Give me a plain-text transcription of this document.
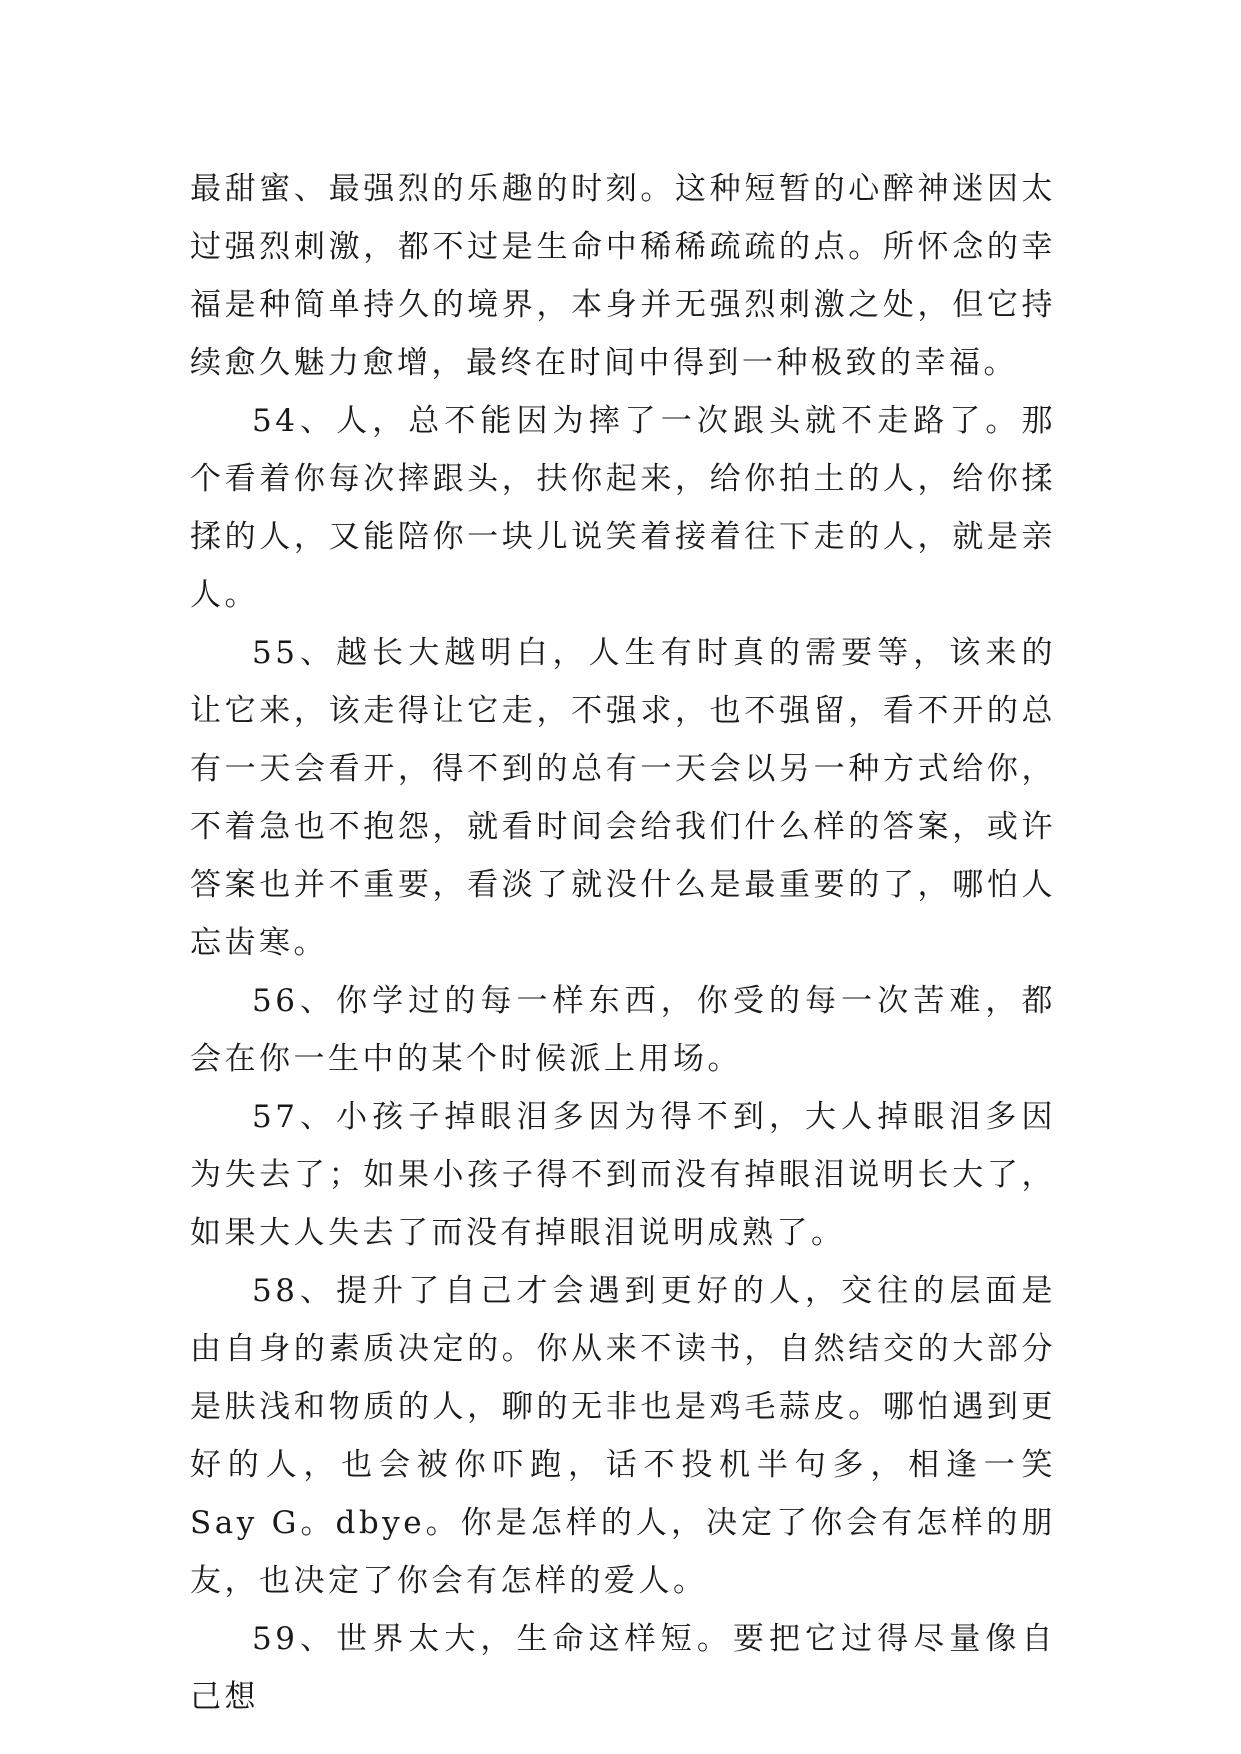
最甜蜜、最强烈的乐趣的时刻。这种短暂的心醉神迷因太过强烈刺激，都不过是生命中稀稀疏疏的点。所怀念的幸福是种简单持久的境界，本身并无强烈刺激之处，但它持续愈久魅力愈增，最终在时间中得到一种极致的幸福。

54、人，总不能因为摔了一次跟头就不走路了。那个看着你每次摔跟头，扶你起来，给你拍土的人，给你揉揉的人，又能陪你一块儿说笑着接着往下走的人，就是亲人。

55、越长大越明白，人生有时真的需要等，该来的让它来，该走得让它走，不强求，也不强留，看不开的总有一天会看开，得不到的总有一天会以另一种方式给你，不着急也不抱怨，就看时间会给我们什么样的答案，或许答案也并不重要，看淡了就没什么是最重要的了，哪怕人忘齿寒。

56、你学过的每一样东西，你受的每一次苦难，都会在你一生中的某个时候派上用场。

57、小孩子掉眼泪多因为得不到，大人掉眼泪多因为失去了；如果小孩子得不到而没有掉眼泪说明长大了，如果大人失去了而没有掉眼泪说明成熟了。

58、提升了自己才会遇到更好的人，交往的层面是由自身的素质决定的。你从来不读书，自然结交的大部分是肤浅和物质的人，聊的无非也是鸡毛蒜皮。哪怕遇到更好的人，也会被你吓跑，话不投机半句多，相逢一笑 Say G。dbye。你是怎样的人，决定了你会有怎样的朋友，也决定了你会有怎样的爱人。

59、世界太大，生命这样短。要把它过得尽量像自己想
